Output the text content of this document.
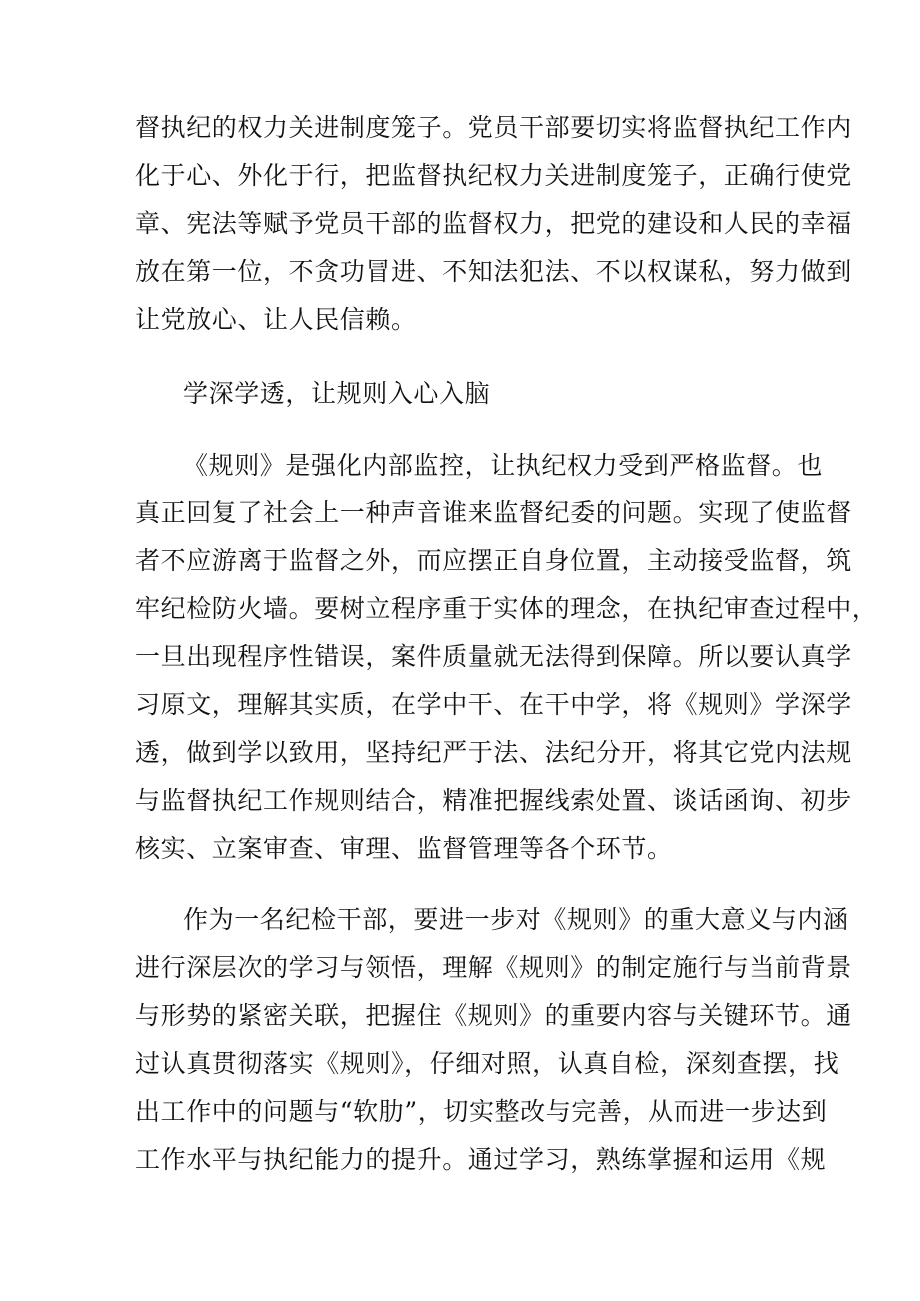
督执纪的权力关进制度笼子。党员干部要切实将监督执纪工作内
化于心、外化于行，把监督执纪权力关进制度笼子，正确行使党
章、宪法等赋予党员干部的监督权力，把党的建设和人民的幸福
放在第一位，不贪功冒进、不知法犯法、不以权谋私，努力做到
让党放心、让人民信赖。
学深学透，让规则入心入脑
《规则》是强化内部监控，让执纪权力受到严格监督。也
真正回复了社会上一种声音谁来监督纪委的问题。实现了使监督
者不应游离于监督之外，而应摆正自身位置，主动接受监督，筑
牢纪检防火墙。要树立程序重于实体的理念，在执纪审查过程中，
一旦出现程序性错误，案件质量就无法得到保障。所以要认真学
习原文，理解其实质，在学中干、在干中学，将《规则》学深学
透，做到学以致用，坚持纪严于法、法纪分开，将其它党内法规
与监督执纪工作规则结合，精准把握线索处置、谈话函询、初步
核实、立案审查、审理、监督管理等各个环节。
作为一名纪检干部，要进一步对《规则》的重大意义与内涵
进行深层次的学习与领悟，理解《规则》的制定施行与当前背景
与形势的紧密关联，把握住《规则》的重要内容与关键环节。通
过认真贯彻落实《规则》，仔细对照，认真自检，深刻查摆，找
出工作中的问题与“软肋”，切实整改与完善，从而进一步达到
工作水平与执纪能力的提升。通过学习，熟练掌握和运用《规
